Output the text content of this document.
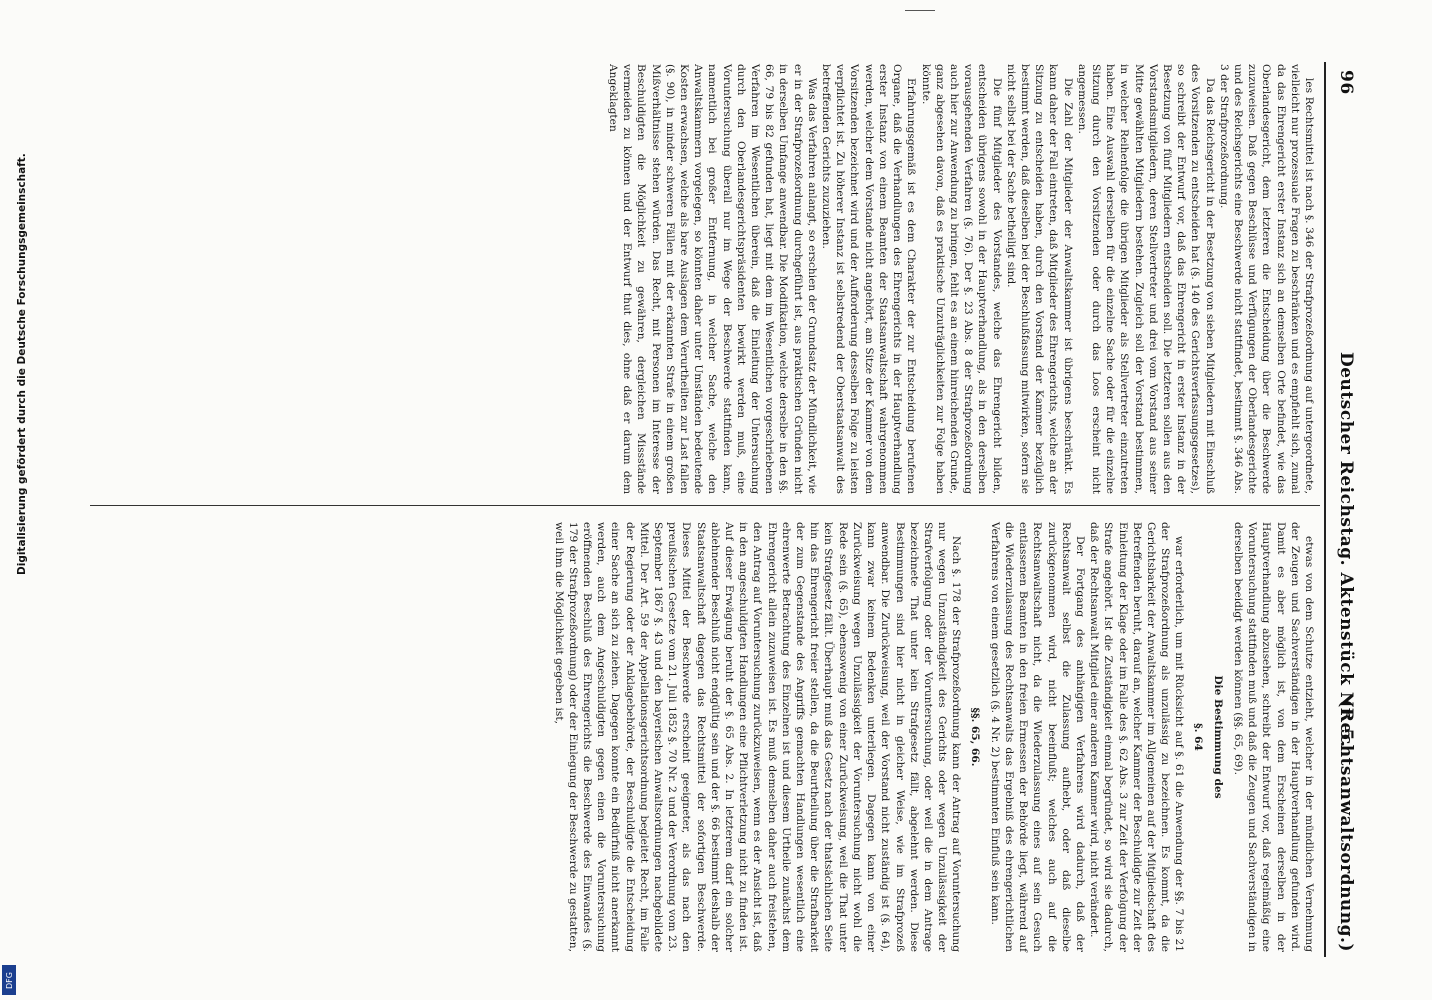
96
Deutscher Reichstag. Aktenstück Nr. 5.
(Rechtsanwaltsordnung.)

les Rechtsmittel ist nach §. 346 der Strafprozeßordnung auf untergeordnete, vielleicht nur prozessuale Fragen zu beschränken und es empfiehlt sich, zumal da das Ehrengericht erster Instanz sich an demselben Orte befindet, wie das Oberlandesgericht, dem letzteren die Entscheidung über die Beschwerde zuzuweisen. Daß gegen Beschlüsse und Verfügungen der Oberlandesgerichte und des Reichsgerichts eine Beschwerde nicht stattfindet, bestimmt §. 346 Abs. 3 der Strafprozeßordnung.

Da das Reichsgericht in der Besetzung von sieben Mitgliedern mit Einschluß des Vorsitzenden zu entscheiden hat (§. 140 des Gerichtsverfassungsgesetzes), so schreibt der Entwurf vor, daß das Ehrengericht in erster Instanz in der Besetzung von fünf Mitgliedern entscheiden soll. Die letzteren sollen aus den Vorstandsmitgliedern, deren Stellvertreter und drei vom Vorstand aus seiner Mitte gewählten Mitgliedern bestehen. Zugleich soll der Vorstand bestimmen, in welcher Reihenfolge die übrigen Mitglieder als Stellvertreter einzutreten haben. Eine Auswahl derselben für die einzelne Sache oder für die einzelne Sitzung durch den Vorsitzenden oder durch das Loos erscheint nicht angemessen.

Die Zahl der Mitglieder der Anwaltskammer ist übrigens beschränkt. Es kann daher der Fall eintreten, daß Mitglieder des Ehrengerichts, welche an der Sitzung zu entscheiden haben, durch den Vorstand der Kammer bezüglich bestimmt werden, daß dieselben bei der Beschlußfassung mitwirken, sofern sie nicht selbst bei der Sache betheiligt sind.

Die fünf Mitglieder des Vorstandes, welche das Ehrengericht bilden, entscheiden übrigens sowohl in der Hauptverhandlung, als in den derselben vorausgehenden Verfahren (§. 76). Der §. 23 Abs. 8 der Strafprozeßordnung auch hier zur Anwendung zu bringen, fehlt es an einem hinreichenden Grunde, ganz abgesehen davon, daß es praktische Unzuträglichkeiten zur Folge haben könnte.

Erfahrungsgemäß ist es dem Charakter der zur Entscheidung berufenen Organe, daß die Verhandlungen des Ehrengerichts in der Hauptverhandlung erster Instanz von einem Beamten der Staatsanwaltschaft wahrgenommen werden, welcher dem Vorstande nicht angehört, am Sitze der Kammer von dem Vorsitzenden bezeichnet wird und der Aufforderung desselben Folge zu leisten verpflichtet ist. Zu höherer Instanz ist selbstredend der Oberstaatsanwalt des betreffenden Gerichts zuzuziehen.

Was das Verfahren anlangt, so erschien der Grundsatz der Mündlichkeit, wie er in der Strafprozeßordnung durchgeführt ist, aus praktischen Gründen nicht in derselben Umfange anwendbar. Die Modifikation, welche derselbe in den §§. 66, 79 bis 82 gefunden hat, liegt mit dem im Wesentlichen vorgeschriebenen Verfahren im Wesentlichen überein, daß die Einleitung der Untersuchung durch den Oberlandesgerichtspräsidenten bewirkt werden muß, eine Voruntersuchung überall nur im Wege der Beschwerde stattfinden kann, namentlich bei großer Entfernung, in welcher Sache, welche den Anwaltskammern vorgelegen, so könnten daher unter Umständen bedeutende Kosten erwachsen, welche als bare Auslagen dem Verurtheilten zur Last fallen (§. 90), in minder schweren Fällen mit der erkannten Strafe in einem großen Mißverhältnisse stehen würden. Das Recht, mit Personen im Interesse der Beschuldigten die Möglichkeit zu gewähren, dergleichen Missstände vermeiden zu können und der Entwurf thut dies, ohne daß er darum dem Angeklagten

etwas von dem Schutze entzieht, welcher in der mündlichen Vernehmung der Zeugen und Sachverständigen in der Hauptverhandlung gefunden wird. Damit es aber möglich ist, von dem Erscheinen derselben in der Hauptverhandlung abzusehen, schreibt der Entwurf vor, daß regelmäßig eine Voruntersuchung stattfinden muß und daß die Zeugen und Sachverständigen in derselben beeidigt werden können (§§. 65, 69).

Die Bestimmung des

§. 64

war erforderlich, um mit Rücksicht auf §. 61 die Anwendung der §§. 7 bis 21 der Strafprozeßordnung als unzulässig zu bezeichnen. Es kommt, da die Gerichtsbarkeit der Anwaltskammer im Allgemeinen auf der Mitgliedschaft des Betreffenden beruht, darauf an, welcher Kammer der Beschuldigte zur Zeit der Einleitung der Klage oder im Falle des §. 62 Abs. 3 zur Zeit der Verfolgung der Strafe angehört. Ist die Zuständigkeit einmal begründet, so wird sie dadurch, daß der Rechtsanwalt Mitglied einer anderen Kammer wird, nicht verändert.

Der Fortgang des anhängigen Verfahrens wird dadurch, daß der Rechtsanwalt selbst die Zulassung aufhebt, oder daß dieselbe zurückgenommen wird, nicht beeinflußt; welches auch auf die Rechtsanwaltschaft nicht, da die Wiederzulassung eines auf sein Gesuch entlassenen Beamten in den freien Ermessen der Behörde liegt, während auf die Wiederzulassung des Rechtsanwalts das Ergebniß des ehrengerichtlichen Verfahrens von einem gesetzlich (§. 4 Nr. 2) bestimmten Einfluß sein kann.

§§. 65, 66.

Nach §. 178 der Strafprozeßordnung kann der Antrag auf Voruntersuchung nur wegen Unzuständigkeit des Gerichts oder wegen Unzulässigkeit der Strafverfolgung oder der Voruntersuchung, oder weil die in dem Antrage bezeichnete That unter kein Strafgesetz fällt, abgelehnt werden. Diese Bestimmungen sind hier nicht in gleicher Weise, wie im Strafprozeß anwendbar. Die Zurückweisung, weil der Vorstand nicht zuständig ist (§. 64), kann zwar keinem Bedenken unterliegen. Dagegen kann von einer Zurückweisung wegen Unzulässigkeit der Voruntersuchung nicht wohl die Rede sein (§. 65), ebensowenig von einer Zurückweisung, weil die That unter kein Strafgesetz fällt. Überhaupt muß das Gesetz nach der thatsächlichen Seite hin das Ehrengericht freier stellen, da die Beurtheilung über die Strafbarkeit der zum Gegenstande des Angriffs gemachten Handlungen wesentlich eine ehrenwerte Betrachtung des Einzelnen ist und diesem Urtheile zunächst dem Ehrengericht allein zuzuweisen ist. Es muß demselben daher auch freistehen, den Antrag auf Voruntersuchung zurückzuweisen, wenn es der Ansicht ist, daß in den angeschuldigten Handlungen eine Pflichtverletzung nicht zu finden ist. Auf dieser Erwägung beruht der §. 65 Abs. 2. In letzterem darf ein solcher ablehnender Beschluß nicht endgültig sein und der §. 66 bestimmt deshalb der Staatsanwaltschaft dagegen das Rechtsmittel der sofortigen Beschwerde. Dieses Mittel der Beschwerde erscheint geeigneter, als das nach den preußischen Gesetze vom 21. Juli 1852 §. 70 Nr. 2 und der Verordnung vom 23. September 1867 §. 43 und den bayerischen Anwaltsordnungen nachgebildete Mittel. Der Art. 59 der Appellationsgerichtsordnung begleitet Recht, im Falle der Regierung oder der Anklagebehörde, der Beschuldigte die Entscheidung einer Sache an sich zu ziehen. Dagegen konnte ein Bedürfniß nicht anerkannt werden, auch dem Angeschuldigten gegen einen die Voruntersuchung eröffnenden Beschluß des Ehrengerichts die Beschwerde des Einwandes (§. 179 der Strafprozeßordnung) oder der Einlegung der Beschwerde zu gestatten, weil ihm die Möglichkeit gegeben ist,

Digitalisierung gefördert durch die Deutsche Forschungsgemeinschaft.
DFG
